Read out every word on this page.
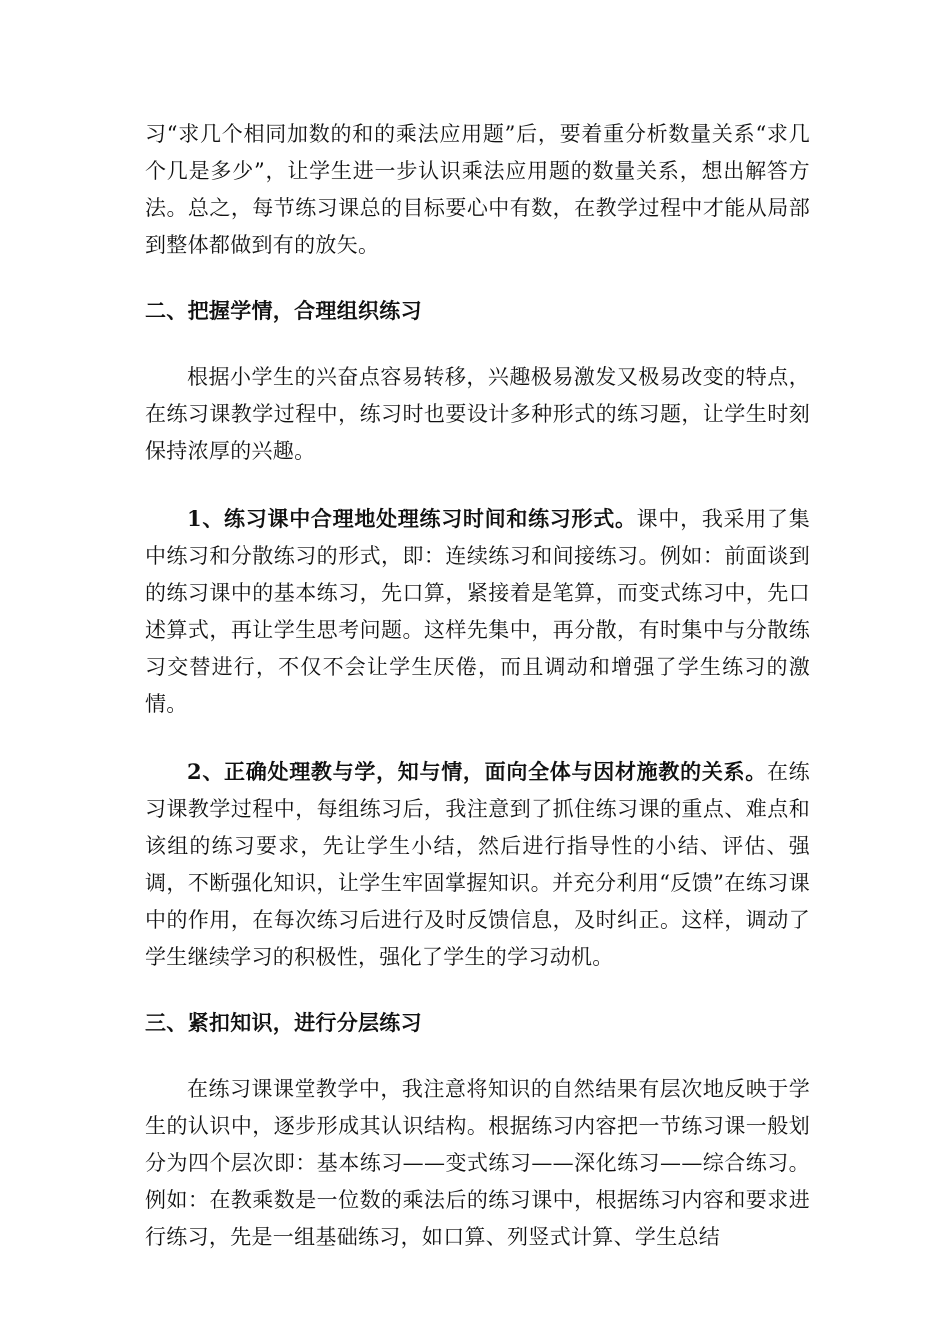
习“求几个相同加数的和的乘法应用题”后，要着重分析数量关系“求几个几是多少”，让学生进一步认识乘法应用题的数量关系，想出解答方法。总之，每节练习课总的目标要心中有数，在教学过程中才能从局部到整体都做到有的放矢。

二、把握学情，合理组织练习

根据小学生的兴奋点容易转移，兴趣极易激发又极易改变的特点，在练习课教学过程中，练习时也要设计多种形式的练习题，让学生时刻保持浓厚的兴趣。

1、练习课中合理地处理练习时间和练习形式。课中，我采用了集中练习和分散练习的形式，即：连续练习和间接练习。例如：前面谈到的练习课中的基本练习，先口算，紧接着是笔算，而变式练习中，先口述算式，再让学生思考问题。这样先集中，再分散，有时集中与分散练习交替进行，不仅不会让学生厌倦，而且调动和增强了学生练习的激情。

2、正确处理教与学，知与情，面向全体与因材施教的关系。在练习课教学过程中，每组练习后，我注意到了抓住练习课的重点、难点和该组的练习要求，先让学生小结，然后进行指导性的小结、评估、强调，不断强化知识，让学生牢固掌握知识。并充分利用“反馈”在练习课中的作用，在每次练习后进行及时反馈信息，及时纠正。这样，调动了学生继续学习的积极性，强化了学生的学习动机。

三、紧扣知识，进行分层练习

在练习课课堂教学中，我注意将知识的自然结果有层次地反映于学生的认识中，逐步形成其认识结构。根据练习内容把一节练习课一般划分为四个层次即：基本练习——变式练习——深化练习——综合练习。例如：在教乘数是一位数的乘法后的练习课中，根据练习内容和要求进行练习，先是一组基础练习，如口算、列竖式计算、学生总结
